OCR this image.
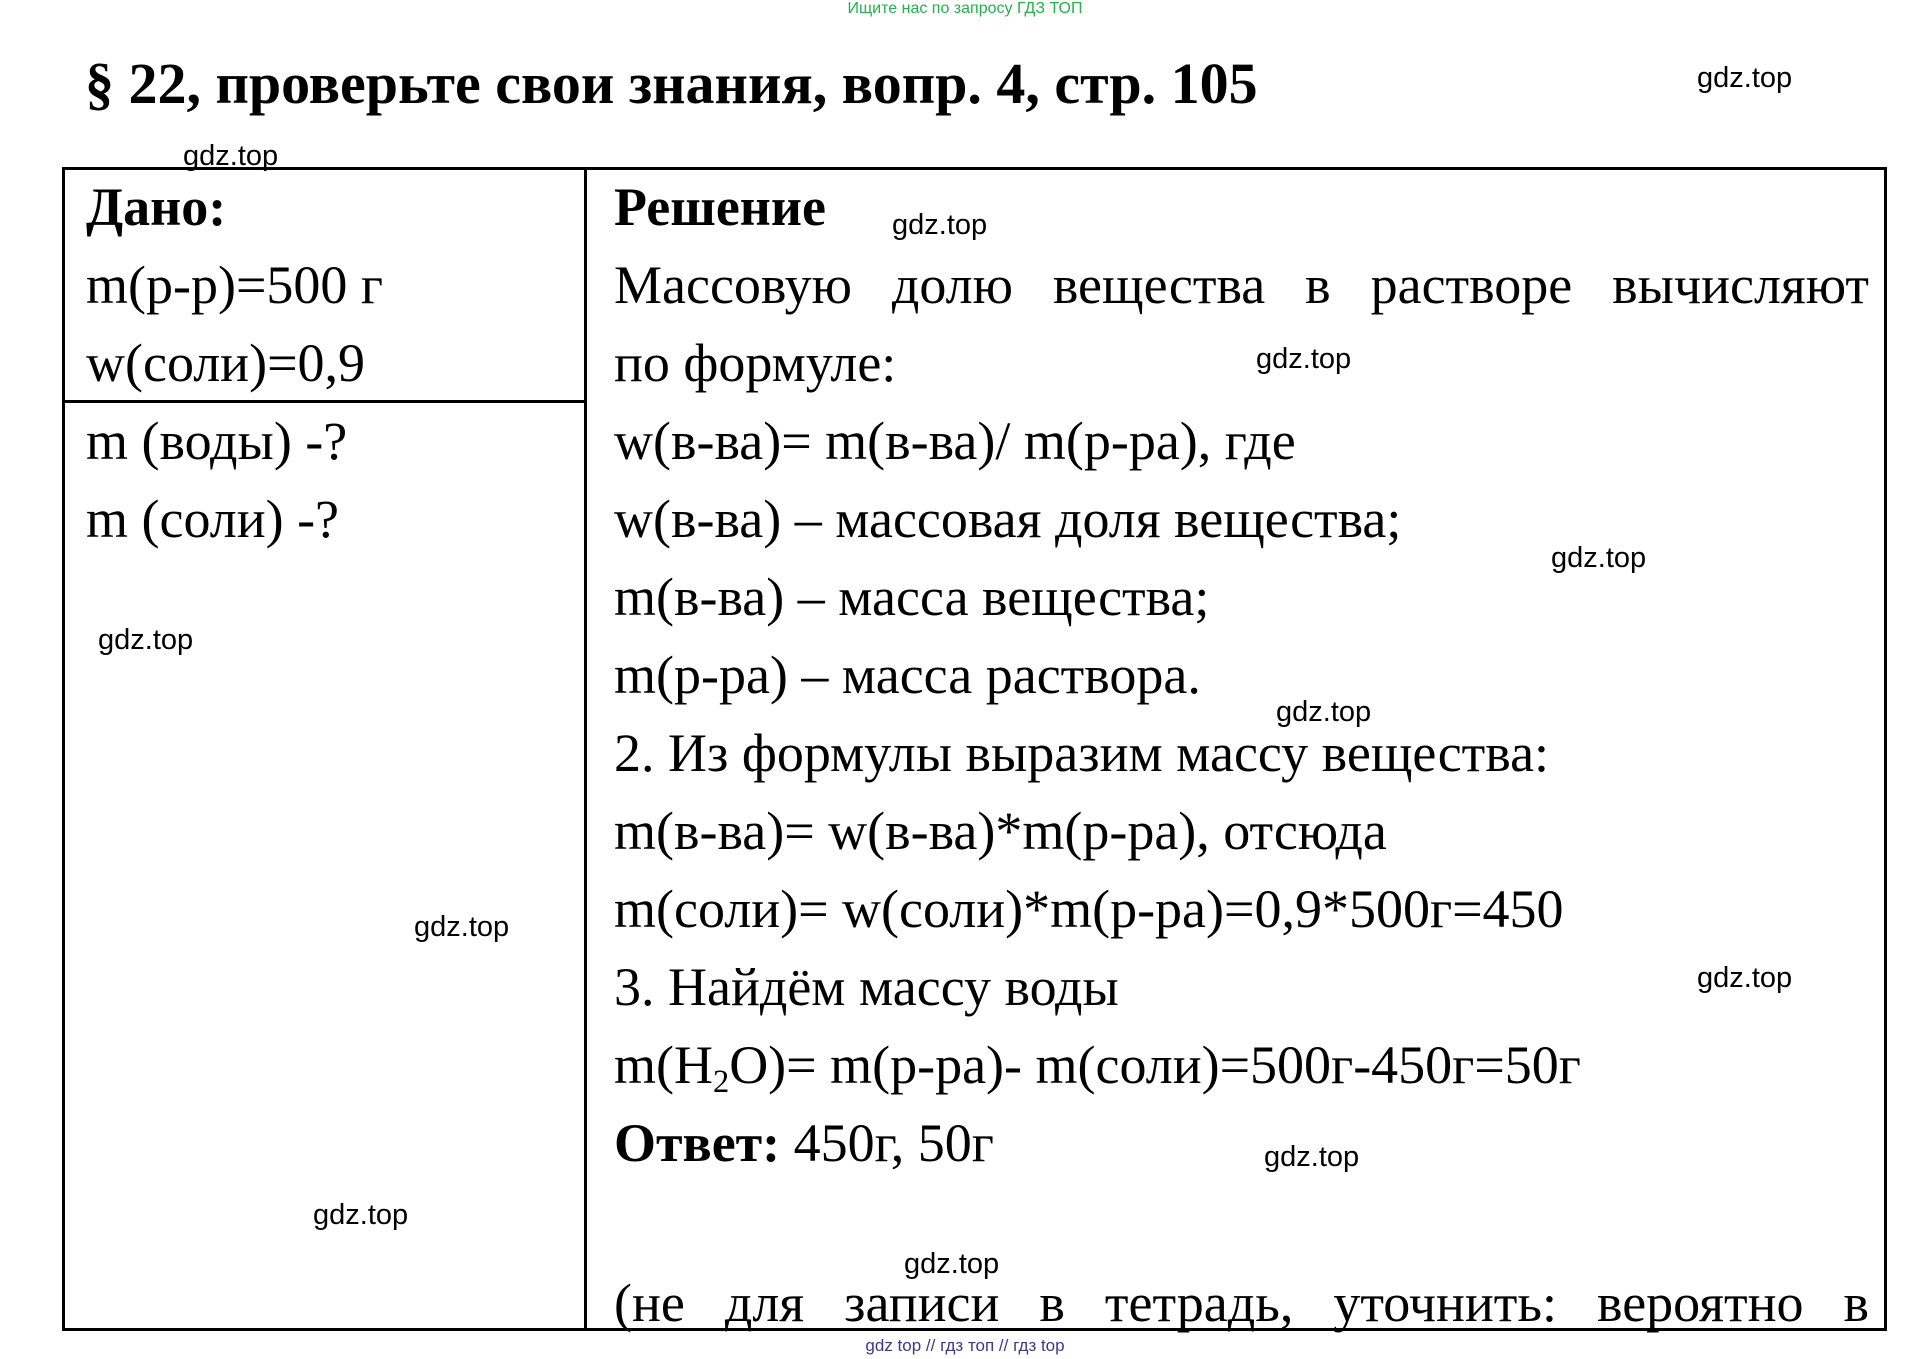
Ищите нас по запросу ГДЗ ТОП
§ 22, проверьте свои знания, вопр. 4, стр. 105
Дано:
m(р-р)=500 г
w(соли)=0,9
m (воды) -?
m (соли) -?
Решение
Массовую долю вещества в растворе вычисляют
по формуле:
w(в-ва)= m(в-ва)/ m(р-ра), где
w(в-ва) – массовая доля вещества;
m(в-ва) – масса вещества;
m(р-ра) – масса раствора.
2. Из формулы выразим массу вещества:
m(в-ва)= w(в-ва)*m(р-ра), отсюда
m(соли)= w(соли)*m(р-ра)=0,9*500г=450
3. Найдём массу воды
$m(H_2O)= m(р-ра)-$ m(соли)=500г-450г=50г
Ответ: 450г, 50г
(не для записи в тетрадь, уточнить: вероятно в
gdz.top
gdz.top
gdz.top
gdz.top
gdz.top
gdz.top
gdz.top
gdz.top
gdz.top
gdz.top
gdz.top
gdz.top
gdz top // гдз топ // гдз top
